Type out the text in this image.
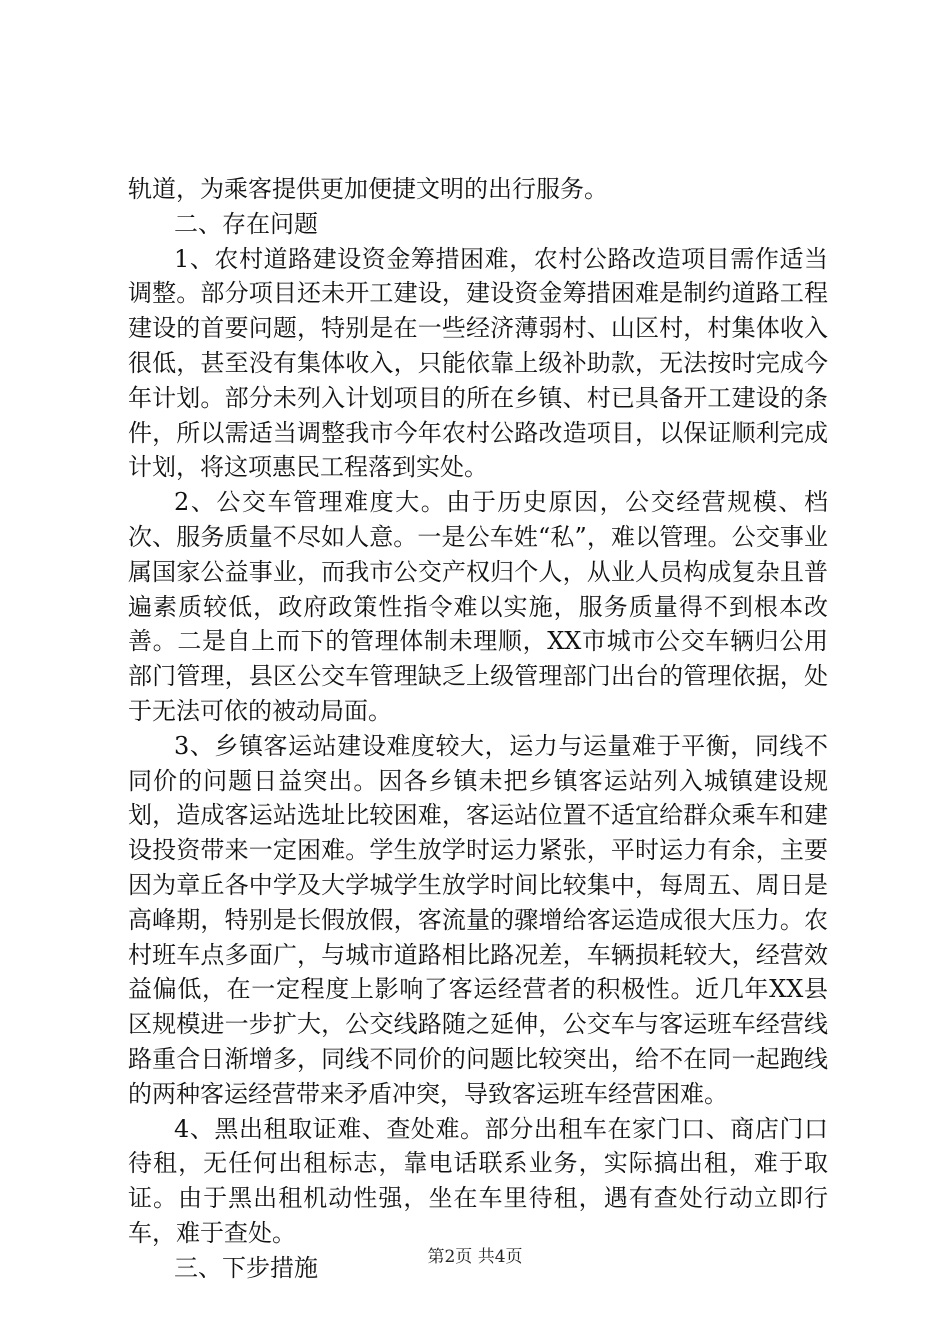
轨道，为乘客提供更加便捷文明的出行服务。

二、存在问题

1、农村道路建设资金筹措困难，农村公路改造项目需作适当调整。部分项目还未开工建设，建设资金筹措困难是制约道路工程建设的首要问题，特别是在一些经济薄弱村、山区村，村集体收入很低，甚至没有集体收入，只能依靠上级补助款，无法按时完成今年计划。部分未列入计划项目的所在乡镇、村已具备开工建设的条件，所以需适当调整我市今年农村公路改造项目，以保证顺利完成计划，将这项惠民工程落到实处。

2、公交车管理难度大。由于历史原因，公交经营规模、档次、服务质量不尽如人意。一是公车姓“私”，难以管理。公交事业属国家公益事业，而我市公交产权归个人，从业人员构成复杂且普遍素质较低，政府政策性指令难以实施，服务质量得不到根本改善。二是自上而下的管理体制未理顺，XX市城市公交车辆归公用部门管理，县区公交车管理缺乏上级管理部门出台的管理依据，处于无法可依的被动局面。

3、乡镇客运站建设难度较大，运力与运量难于平衡，同线不同价的问题日益突出。因各乡镇未把乡镇客运站列入城镇建设规划，造成客运站选址比较困难，客运站位置不适宜给群众乘车和建设投资带来一定困难。学生放学时运力紧张，平时运力有余，主要因为章丘各中学及大学城学生放学时间比较集中，每周五、周日是高峰期，特别是长假放假，客流量的骤增给客运造成很大压力。农村班车点多面广，与城市道路相比路况差，车辆损耗较大，经营效益偏低，在一定程度上影响了客运经营者的积极性。近几年XX县区规模进一步扩大，公交线路随之延伸，公交车与客运班车经营线路重合日渐增多，同线不同价的问题比较突出，给不在同一起跑线的两种客运经营带来矛盾冲突，导致客运班车经营困难。

4、黑出租取证难、查处难。部分出租车在家门口、商店门口待租，无任何出租标志，靠电话联系业务，实际搞出租，难于取证。由于黑出租机动性强，坐在车里待租，遇有查处行动立即行车，难于查处。

三、下步措施	第2页 共4页
